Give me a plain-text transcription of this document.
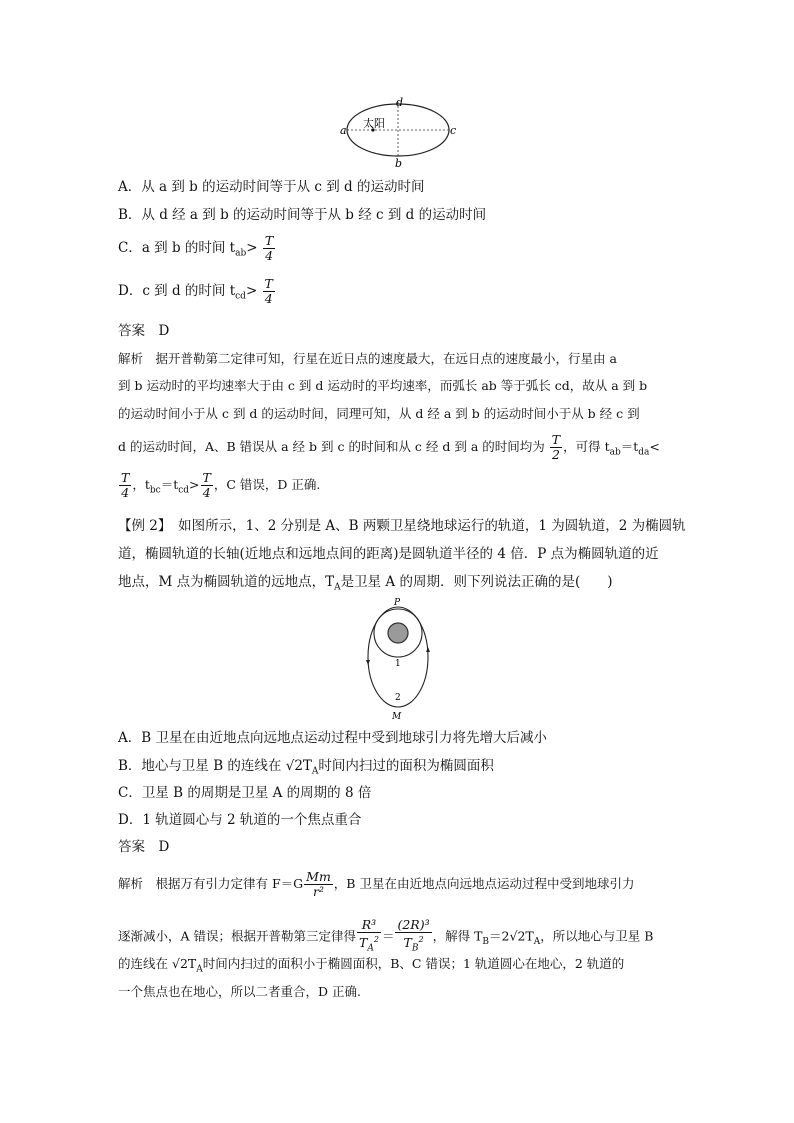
d
a	c
b
太阳
A．从 a 到 b 的运动时间等于从 c 到 d 的运动时间
B．从 d 经 a 到 b 的运动时间等于从 b 经 c 到 d 的运动时间
C．a 到 b 的时间 $t_{ab}> \frac{T}{4}$
D．c 到 d 的时间 $t_{cd}> \frac{T}{4}$
答案　D
解析　据开普勒第二定律可知，行星在近日点的速度最大，在远日点的速度最小，行星由 a
到 b 运动时的平均速率大于由 c 到 d 运动时的平均速率，而弧长 ab 等于弧长 cd，故从 a 到 b
的运动时间小于从 c 到 d 的运动时间，同理可知，从 d 经 a 到 b 的运动时间小于从 b 经 c 到
d 的运动时间，A、B 错误从 a 经 b 到 c 的时间和从 c 经 d 到 a 的时间均为 $\frac{T}{2}$ ，可得 $t_{ab}=t_{da}<$
$\frac{T}{4}$ ，$t_{bc}=t_{cd}> \frac{T}{4}$ ，C 错误，D 正确.
【例 2】　如图所示，1、2 分别是 A、B 两颗卫星绕地球运行的轨道，1 为圆轨道，2 为椭圆轨
道，椭圆轨道的长轴(近地点和远地点间的距离)是圆轨道半径的 4 倍．P 点为椭圆轨道的近
地点，M 点为椭圆轨道的远地点，$T_A$是卫星 A 的周期．则下列说法正确的是(　　)
P
1
2
M
A．B 卫星在由近地点向远地点运动过程中受到地球引力将先增大后减小
B．地心与卫星 B 的连线在 $√2T_A$时间内扫过的面积为椭圆面积
C．卫星 B 的周期是卫星 A 的周期的 8 倍
D．1 轨道圆心与 2 轨道的一个焦点重合
答案　D
解析　根据万有引力定律有 $F=G \frac{Mm}{\text{r²}}$ ，B 卫星在由近地点向远地点运动过程中受到地球引力
逐渐减小，A 错误；根据开普勒第三定律得 $\frac{\text{R³}}{T_A^2} = \frac{\text{(2R)³}}{T_B^2}$ ，解得 $T_B=2√2T_A$，所以地心与卫星 B
的连线在 $√2T_A$时间内扫过的面积小于椭圆面积，B、C 错误；1 轨道圆心在地心，2 轨道的
一个焦点也在地心，所以二者重合，D 正确.
